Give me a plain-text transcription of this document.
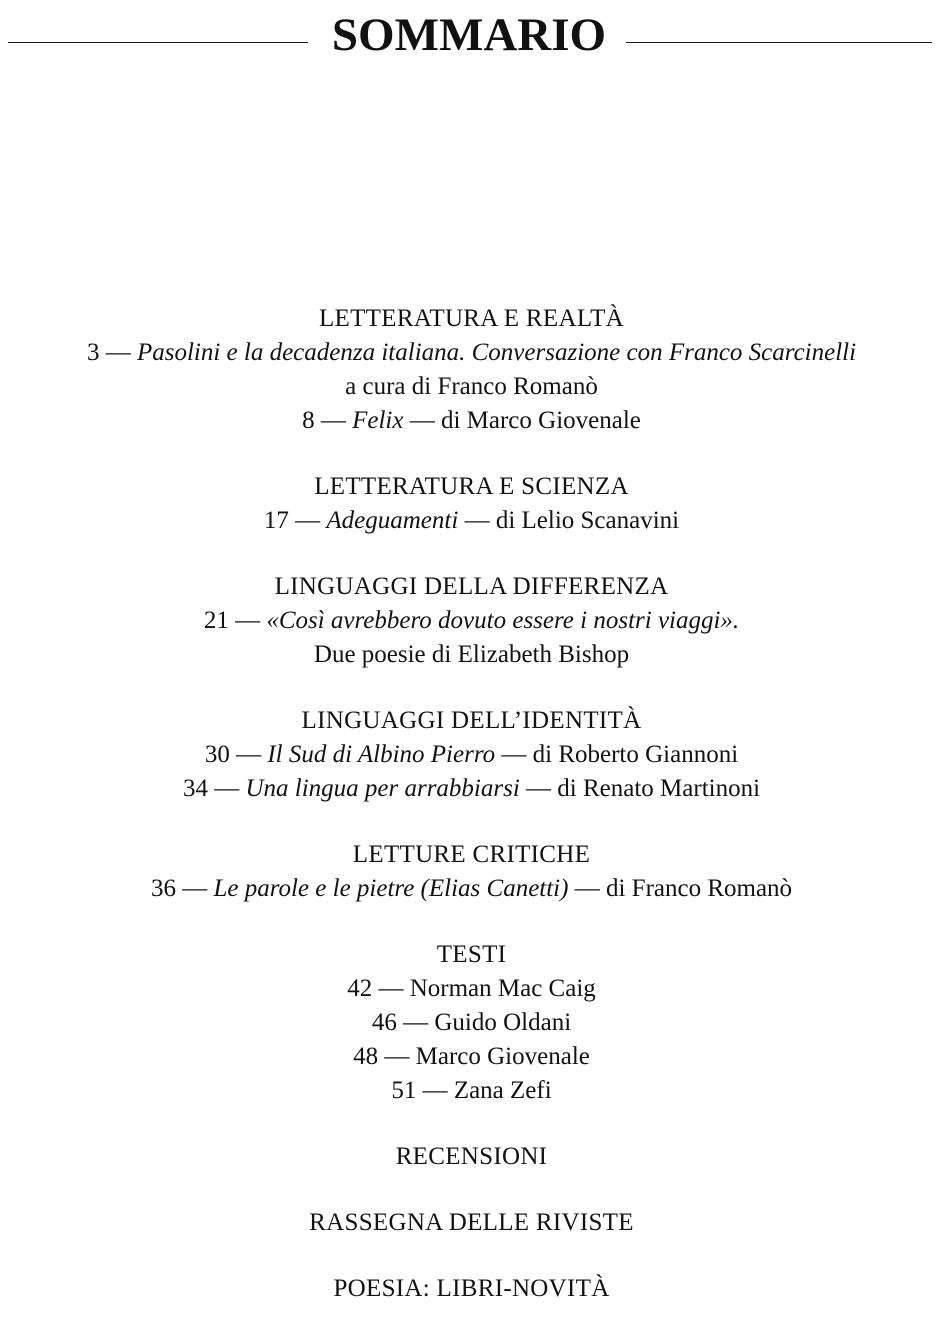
SOMMARIO
LETTERATURA E REALTÀ
3 — Pasolini e la decadenza italiana. Conversazione con Franco Scarcinelli
a cura di Franco Romanò
8 — Felix — di Marco Giovenale
LETTERATURA E SCIENZA
17 — Adeguamenti — di Lelio Scanavini
LINGUAGGI DELLA DIFFERENZA
21 — «Così avrebbero dovuto essere i nostri viaggi».
Due poesie di Elizabeth Bishop
LINGUAGGI DELL’IDENTITÀ
30 — Il Sud di Albino Pierro — di Roberto Giannoni
34 — Una lingua per arrabbiarsi — di Renato Martinoni
LETTURE CRITICHE
36 — Le parole e le pietre (Elias Canetti) — di Franco Romanò
TESTI
42 — Norman Mac Caig
46 — Guido Oldani
48 — Marco Giovenale
51 — Zana Zefi
RECENSIONI
RASSEGNA DELLE RIVISTE
POESIA: LIBRI-NOVITÀ
